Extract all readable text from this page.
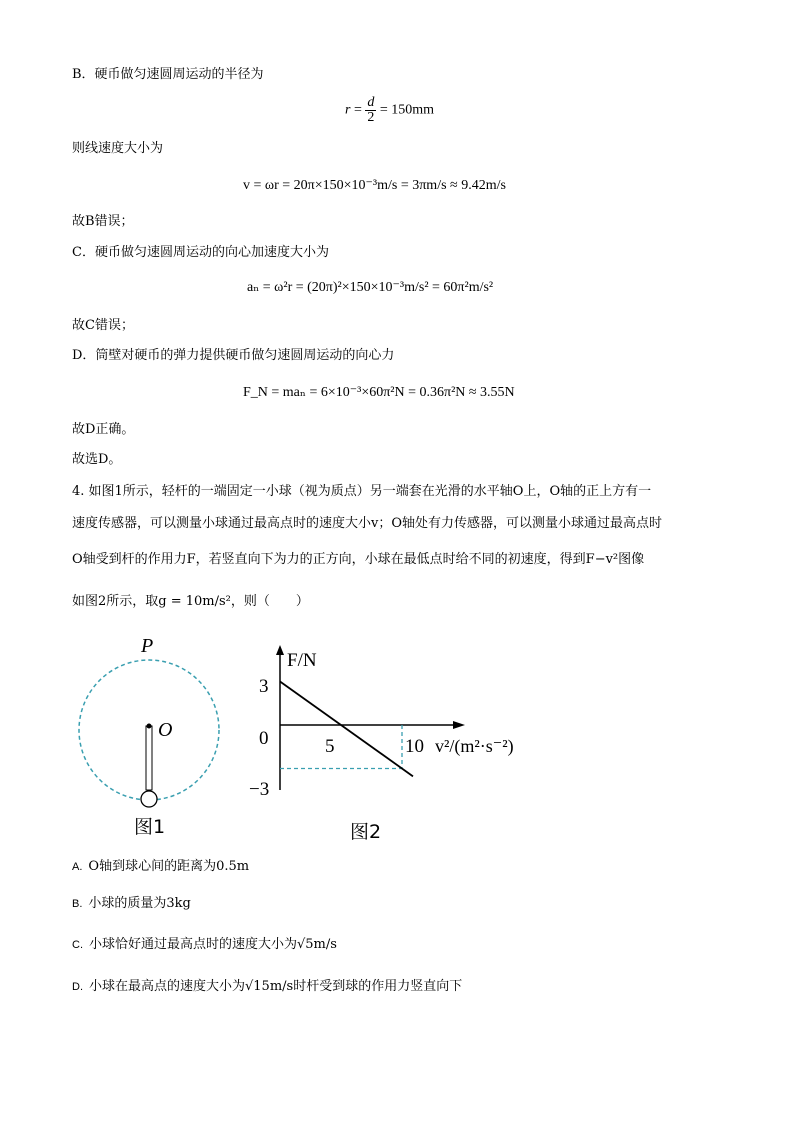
B．硬币做匀速圆周运动的半径为
$r = \frac{d}{2} = 150mm$
则线速度大小为
v = ωr = 20π×150×10⁻³m/s = 3πm/s ≈ 9.42m/s
故B错误；
C．硬币做匀速圆周运动的向心加速度大小为
aₙ = ω²r = (20π)²×150×10⁻³m/s² = 60π²m/s²
故C错误；
D．筒壁对硬币的弹力提供硬币做匀速圆周运动的向心力
F_N = maₙ = 6×10⁻³×60π²N = 0.36π²N ≈ 3.55N
故D正确。
故选D。
4. 如图1所示，轻杆的一端固定一小球（视为质点）另一端套在光滑的水平轴O上，O轴的正上方有一
速度传感器，可以测量小球通过最高点时的速度大小v；O轴处有力传感器，可以测量小球通过最高点时
O轴受到杆的作用力F，若竖直向下为力的正方向，小球在最低点时给不同的初速度，得到F−v²图像
如图2所示，取g = 10m/s²，则（　　）
P
O
图1
F/N
v²/(m²·s⁻²)
3
0
−3
5	10
图2
A. O轴到球心间的距离为0.5m
B. 小球的质量为3kg
C. 小球恰好通过最高点时的速度大小为√5m/s
D. 小球在最高点的速度大小为√15m/s时杆受到球的作用力竖直向下
